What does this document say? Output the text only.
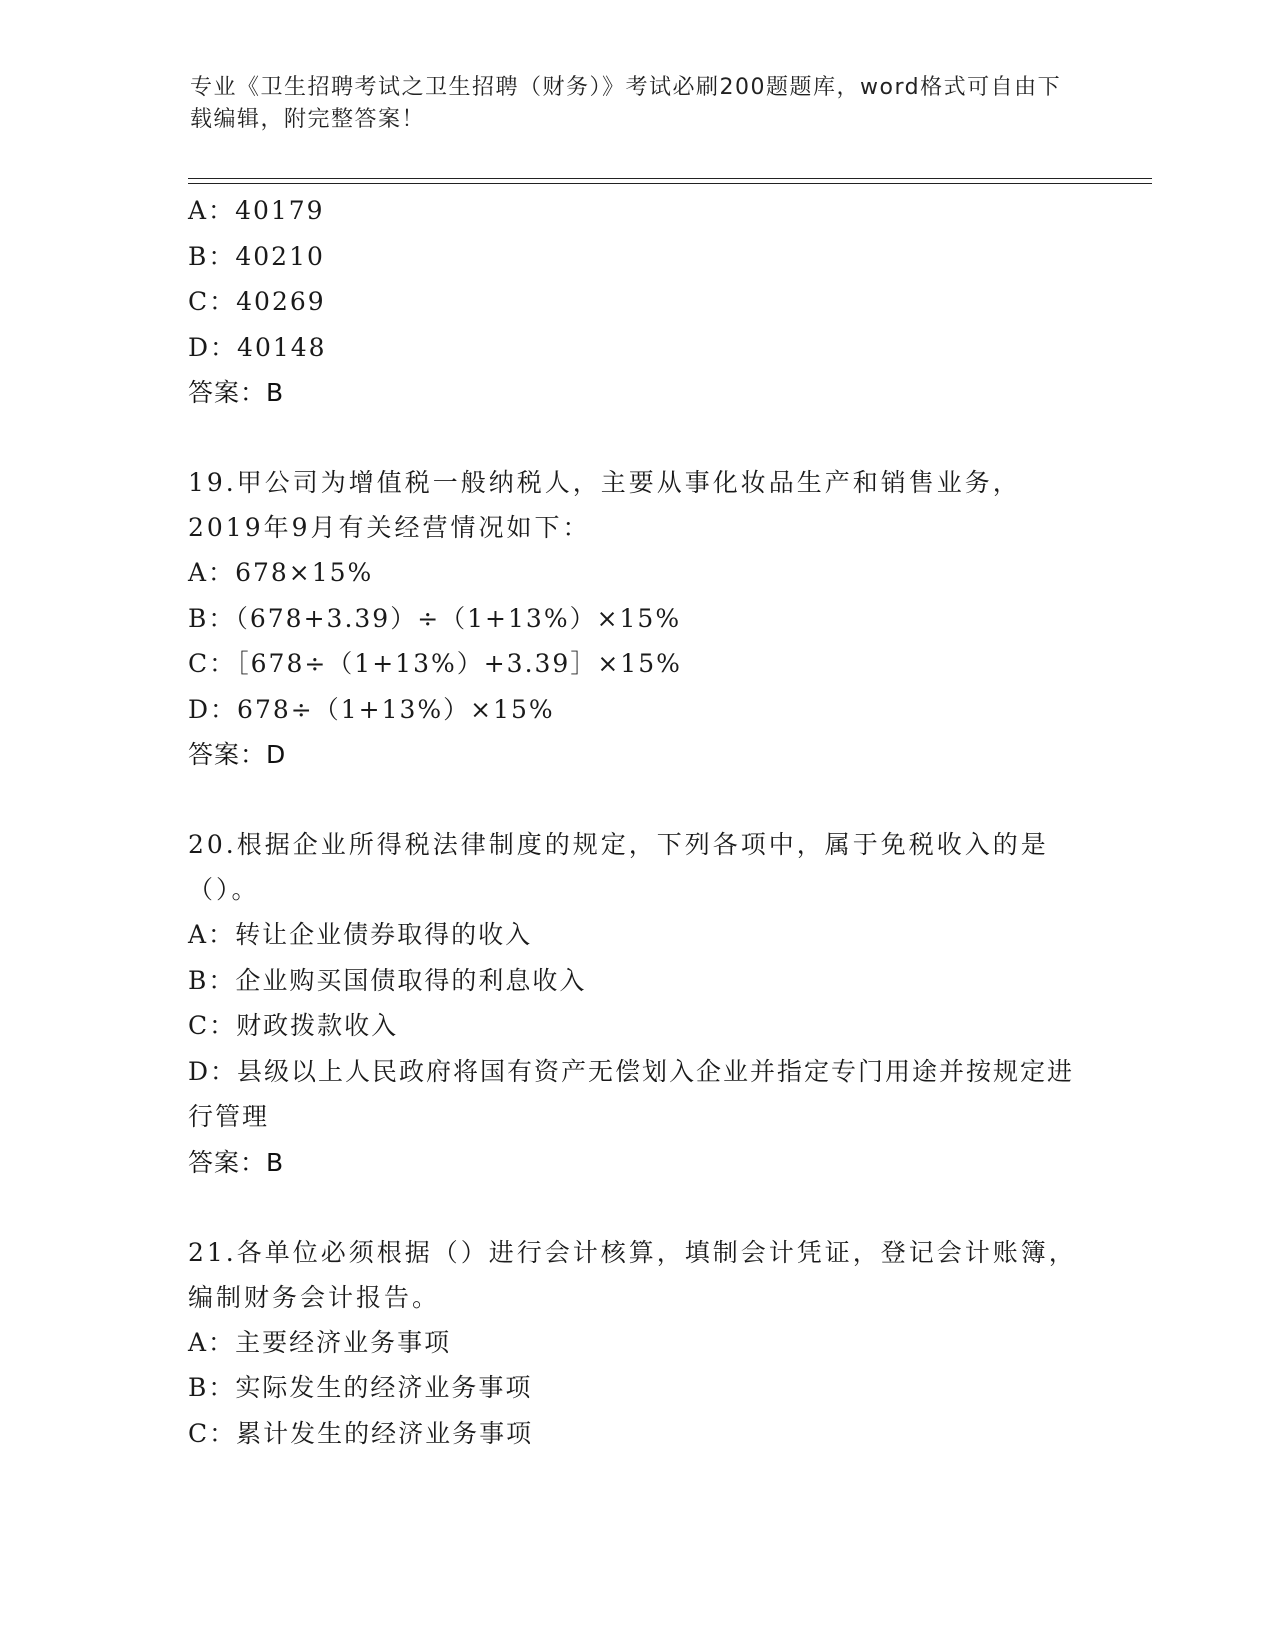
专业《卫生招聘考试之卫生招聘（财务）》考试必刷200题题库，word格式可自由下载编辑，附完整答案！

A：40179

B：40210

C：40269

D：40148

答案：B

19.甲公司为增值税一般纳税人，主要从事化妆品生产和销售业务，2019年9月有关经营情况如下：

A：678×15%

B：（678+3.39）÷（1+13%）×15%

C：［678÷（1+13%）+3.39］×15%

D：678÷（1+13%）×15%

答案：D

20.根据企业所得税法律制度的规定，下列各项中，属于免税收入的是（）。

A：转让企业债券取得的收入

B：企业购买国债取得的利息收入

C：财政拨款收入

D：县级以上人民政府将国有资产无偿划入企业并指定专门用途并按规定进行管理

答案：B

21.各单位必须根据（）进行会计核算，填制会计凭证，登记会计账簿，编制财务会计报告。

A：主要经济业务事项

B：实际发生的经济业务事项

C：累计发生的经济业务事项
